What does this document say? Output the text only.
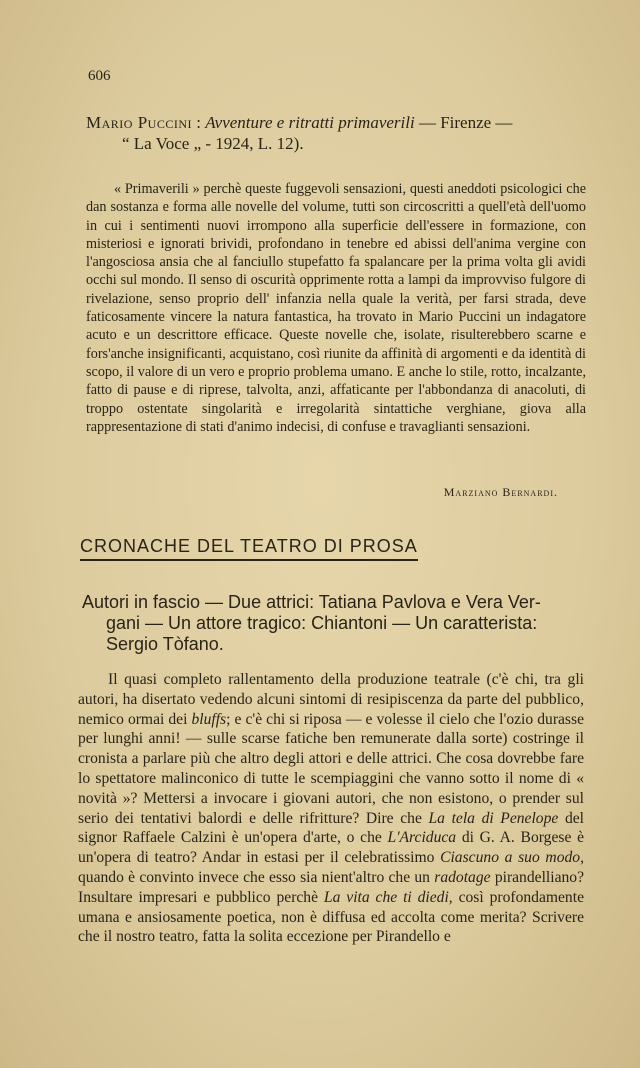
606
Mario Puccini : Avventure e ritratti primaverili — Firenze —
“ La Voce „ - 1924, L. 12).

« Primaverili » perchè queste fuggevoli sensazioni, questi aneddoti psicologici che dan sostanza e forma alle novelle del volume, tutti son circoscritti a quell'età dell'uomo in cui i sentimenti nuovi irrompono alla superficie dell'essere in formazione, con misteriosi e ignorati brividi, profondano in tenebre ed abissi dell'anima vergine con l'angosciosa ansia che al fanciullo stupefatto fa spalancare per la prima volta gli avidi occhi sul mondo. Il senso di oscurità opprimente rotta a lampi da improvviso fulgore di rivelazione, senso proprio dell' infanzia nella quale la verità, per farsi strada, deve faticosamente vincere la natura fantastica, ha trovato in Mario Puccini un indagatore acuto e un descrittore efficace. Queste novelle che, isolate, risulterebbero scarne e fors'anche insignificanti, acquistano, così riunite da affinità di argomenti e da identità di scopo, il valore di un vero e proprio problema umano. E anche lo stile, rotto, incalzante, fatto di pause e di riprese, talvolta, anzi, affaticante per l'abbondanza di anacoluti, di troppo ostentate singolarità e irregolarità sintattiche verghiane, giova alla rappresentazione di stati d'animo indecisi, di confuse e travaglianti sensazioni.

Marziano Bernardi.
CRONACHE DEL TEATRO DI PROSA
Autori in fascio — Due attrici: Tatiana Pavlova e Vera Ver-
gani — Un attore tragico: Chiantoni — Un caratterista:
Sergio Tòfano.

Il quasi completo rallentamento della produzione teatrale (c'è chi, tra gli autori, ha disertato vedendo alcuni sintomi di resipiscenza da parte del pubblico, nemico ormai dei bluffs; e c'è chi si riposa — e volesse il cielo che l'ozio durasse per lunghi anni! — sulle scarse fatiche ben remunerate dalla sorte) costringe il cronista a parlare più che altro degli attori e delle attrici. Che cosa dovrebbe fare lo spettatore malinconico di tutte le scempiaggini che vanno sotto il nome di « novità »? Mettersi a invocare i giovani autori, che non esistono, o prender sul serio dei tentativi balordi e delle rifritture? Dire che La tela di Penelope del signor Raffaele Calzini è un'opera d'arte, o che L'Arciduca di G. A. Borgese è un'opera di teatro? Andar in estasi per il celebratissimo Ciascuno a suo modo, quando è convinto invece che esso sia nient'altro che un radotage pirandelliano? Insultare impresari e pubblico perchè La vita che ti diedi, così profondamente umana e ansiosamente poetica, non è diffusa ed accolta come merita? Scrivere che il nostro teatro, fatta la solita eccezione per Pirandello e
